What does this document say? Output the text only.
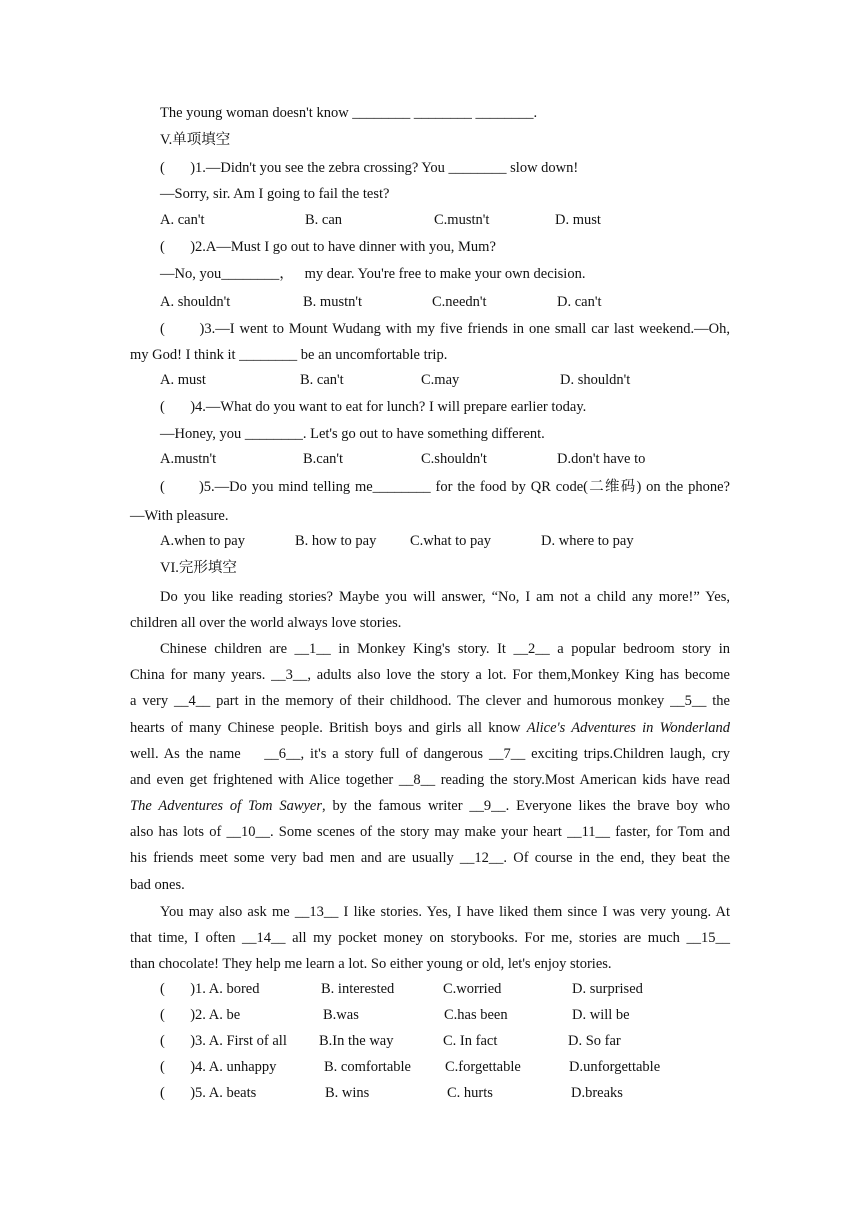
The young woman doesn't know ________ ________ ________.
V.单项填空
(       )1.—Didn't you see the zebra crossing? You ________ slow down!
—Sorry, sir. Am I going to fail the test?
A. can't	B. can	C.mustn't	D. must
(       )2.A—Must I go out to have dinner with you, Mum?
—No, you________，   my dear. You're free to make your own decision.
A. shouldn't	B. mustn't	C.needn't	D. can't
(       )3.—I went to Mount Wudang with my five friends in one small car last weekend.—Oh,
my God! I think it ________ be an uncomfortable trip.
A. must	B. can't	C.may	D. shouldn't
(       )4.—What do you want to eat for lunch? I will prepare earlier today.
—Honey, you ________. Let's go out to have something different.
A.mustn't	B.can't	C.shouldn't	D.don't have to
(       )5.—Do you mind telling me________ for the food by QR code(二维码) on the phone?
—With pleasure.
A.when to pay	B. how to pay C.what to pay	D. where to pay
VI.完形填空
Do you like reading stories? Maybe you will answer, “No, I am not a child any more!” Yes,
children all over the world always love stories.
Chinese children are __1__ in Monkey King's story. It __2__ a popular bedroom story in
China for many years. __3__, adults also love the story a lot. For them,Monkey King has become
a very __4__ part in the memory of their childhood. The clever and humorous monkey __5__ the
hearts of many Chinese people. British boys and girls all know Alice's Adventures in Wonderland
well. As the name    __6__, it's a story full of dangerous __7__ exciting trips.Children laugh, cry
and even get frightened with Alice together __8__ reading the story.Most American kids have read
The Adventures of Tom Sawyer, by the famous writer __9__. Everyone likes the brave boy who
also has lots of __10__. Some scenes of the story may make your heart __11__ faster, for Tom and
his friends meet some very bad men and are usually __12__. Of course in the end, they beat the
bad ones.
You may also ask me __13__ I like stories. Yes, I have liked them since I was very young. At
that time, I often __14__ all my pocket money on storybooks. For me, stories are much __15__
than chocolate! They help me learn a lot. So either young or old, let's enjoy stories.
(       )1. A. bored	B. interested	C.worried	D. surprised
(       )2. A. be	B.was	C.has been	D. will be
(       )3. A. First of all B.In the way	C. In fact	D. So far
(       )4. A. unhappy	B. comfortable C.forgettable	D.unforgettable
(       )5. A. beats	B. wins	C. hurts	D.breaks
